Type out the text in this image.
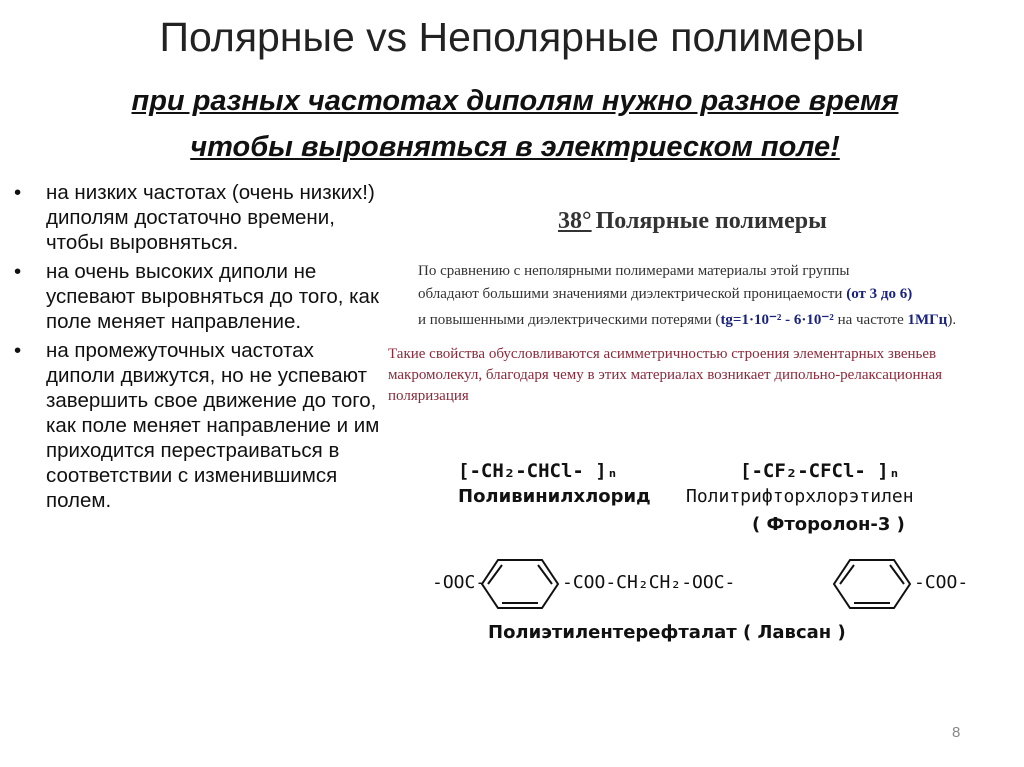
Полярные vs Неполярные полимеры
при разных частотах диполям нужно разное время
чтобы выровняться в электриеском поле!
• на низких частотах (очень низких!) диполям достаточно времени, чтобы выровняться.
• на очень высоких диполи не успевают выровняться до того, как поле меняет направление.
• на промежуточных частотах диполи движутся, но не успевают завершить свое движение до того, как поле меняет направление и им приходится перестраиваться в соответствии с изменившимся полем.
38° Полярные полимеры
По сравнению с неполярными полимерами материалы этой группы
обладают большими значениями диэлектрической проницаемости (от 3 до 6)
и повышенными диэлектрическими потерями (tg=1·10⁻² - 6·10⁻² на частоте 1МГц).
Такие свойства обусловливаются асимметричностью строения элементарных звеньев макромолекул, благодаря чему в этих материалах возникает дипольно-релаксационная поляризация
[-CH₂-CHCl- ]ₙ
Поливинилхлорид
[-CF₂-CFCl- ]ₙ
Политрифторхлорэтилен
( Фторолон-3 )
-OOC-	-COO-CH₂CH₂-OOC-	-COO-
Полиэтилентерефталат ( Лавсан )
8
